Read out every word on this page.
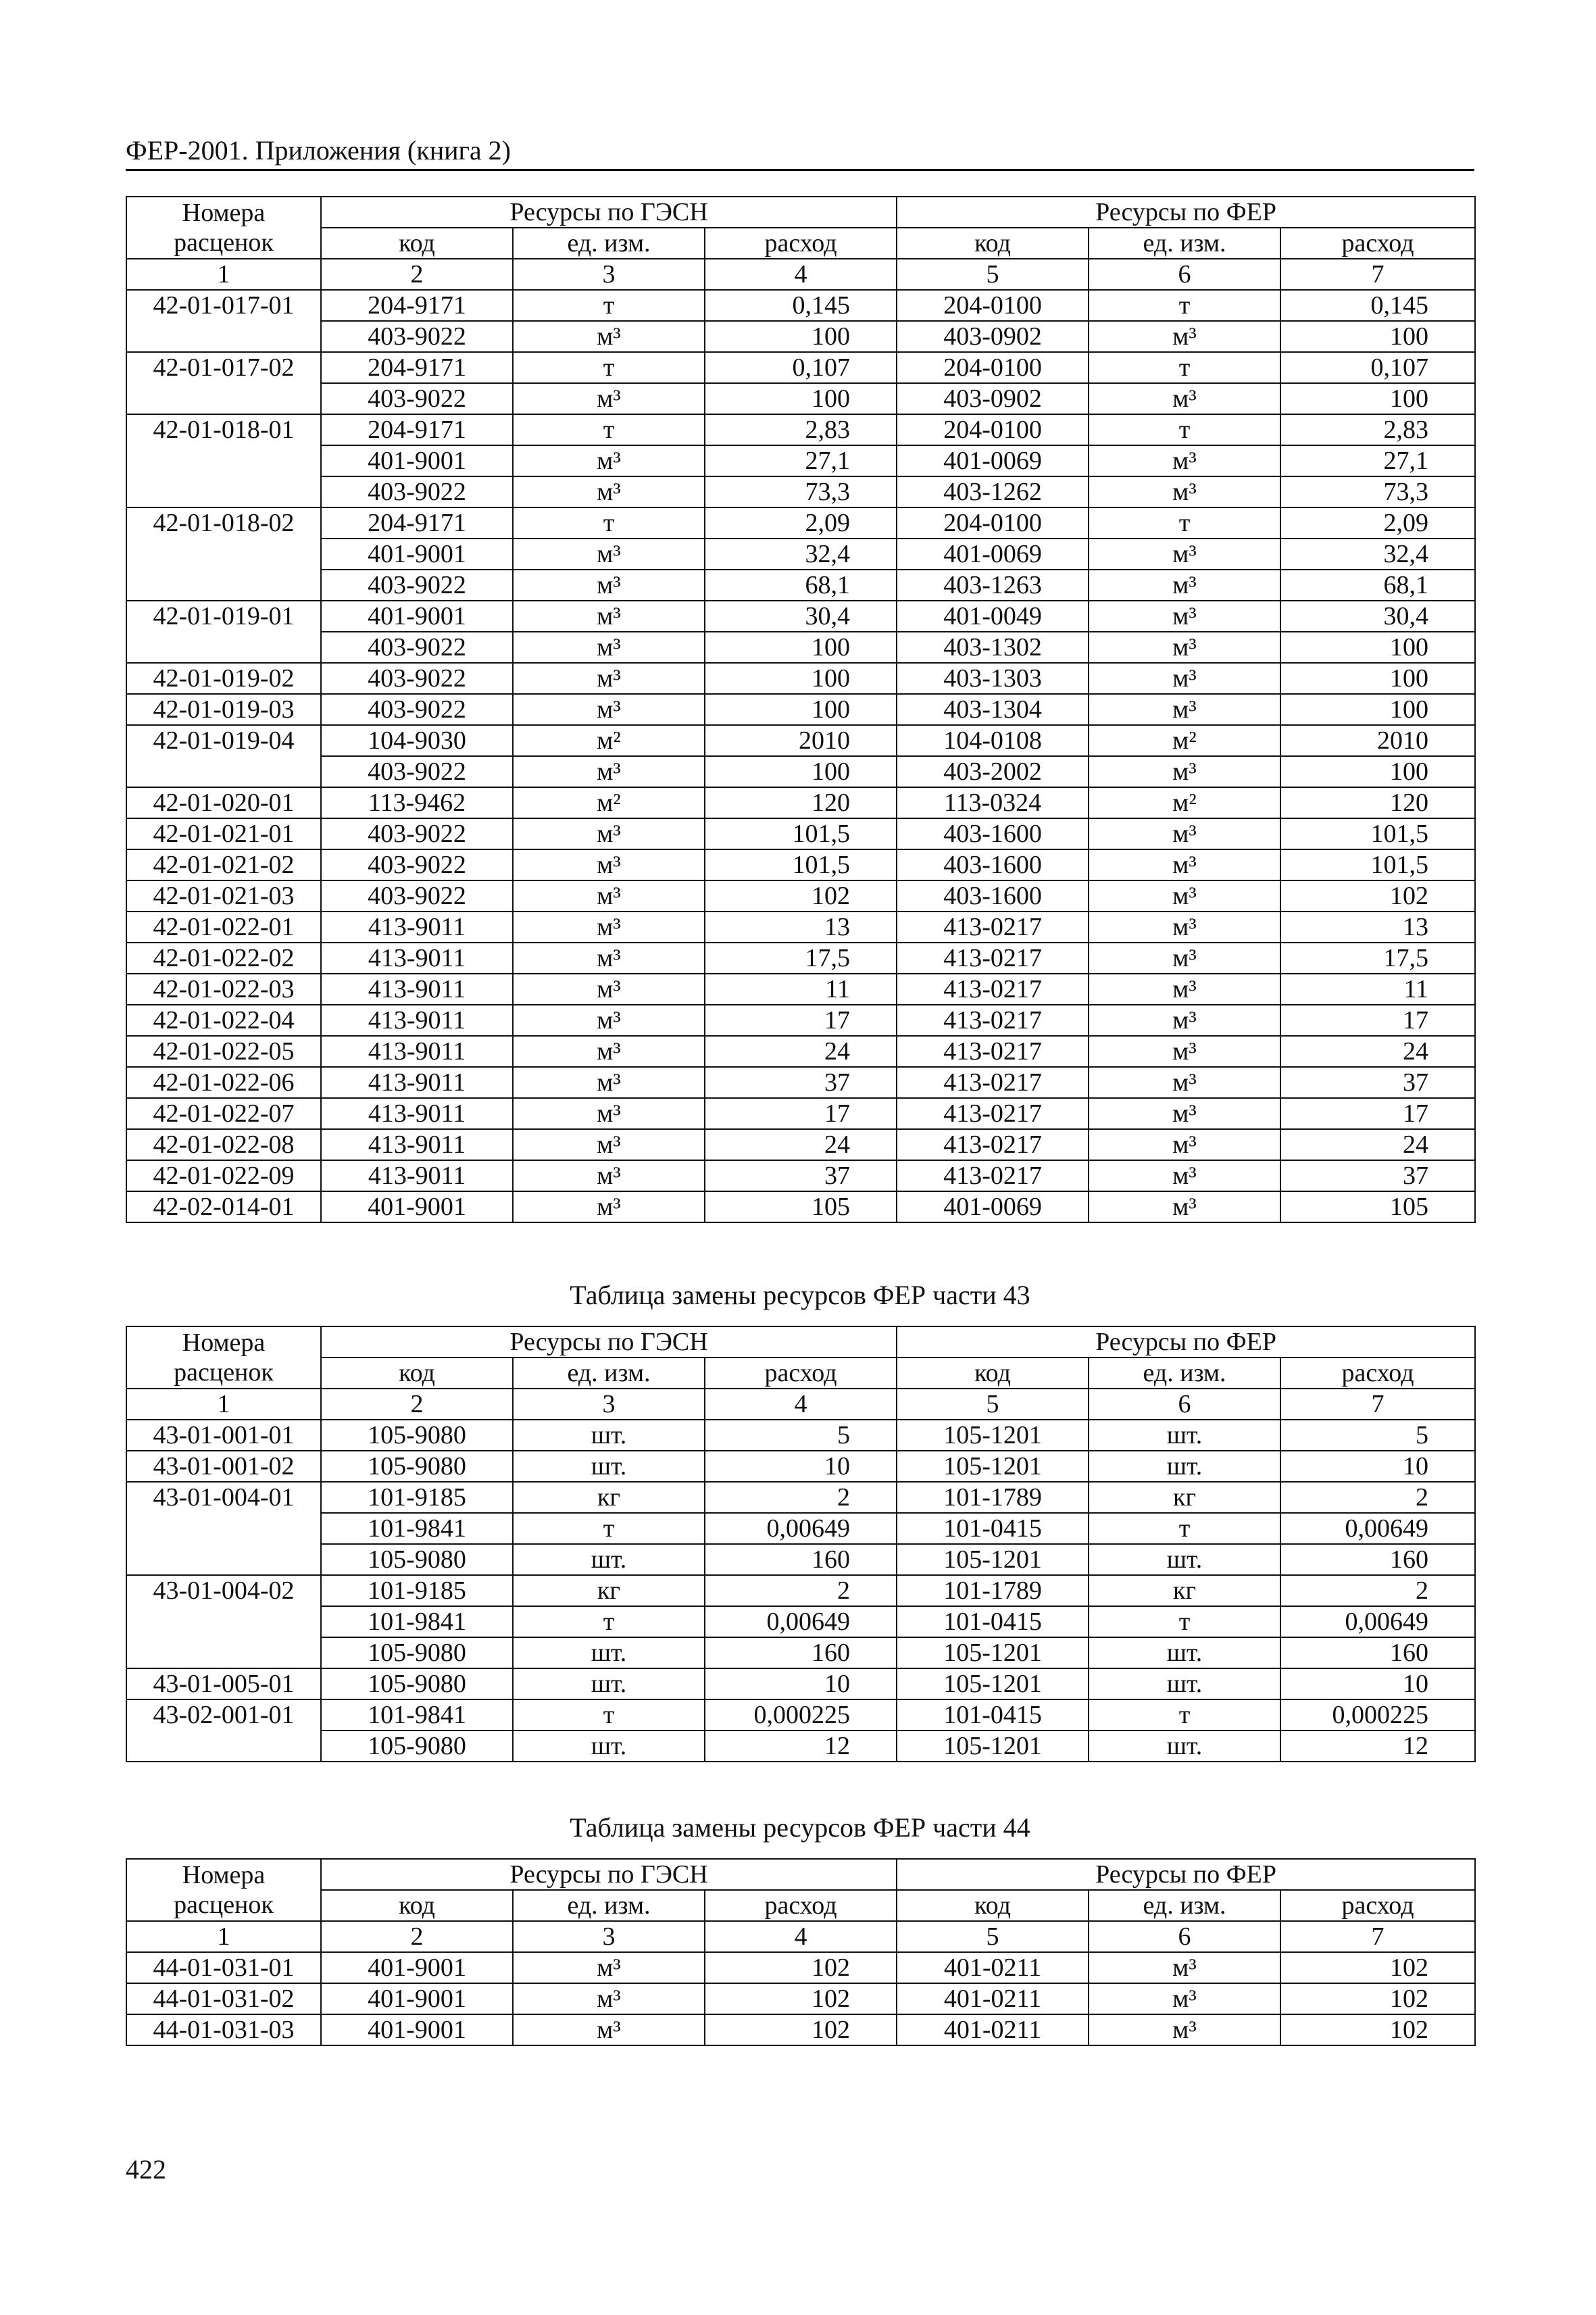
ФЕР-2001. Приложения (книга 2)
Номера расценок	Ресурсы по ГЭСН			Ресурсы по ФЕР		
	код	ед. изм.	расход	код	ед. изм.	расход
1	2	3	4	5	6	7
42-01-017-01	204-9171	т	0,145	204-0100	т	0,145
	403-9022	м³	100	403-0902	м³	100
42-01-017-02	204-9171	т	0,107	204-0100	т	0,107
	403-9022	м³	100	403-0902	м³	100
42-01-018-01	204-9171	т	2,83	204-0100	т	2,83
	401-9001	м³	27,1	401-0069	м³	27,1
	403-9022	м³	73,3	403-1262	м³	73,3
42-01-018-02	204-9171	т	2,09	204-0100	т	2,09
	401-9001	м³	32,4	401-0069	м³	32,4
	403-9022	м³	68,1	403-1263	м³	68,1
42-01-019-01	401-9001	м³	30,4	401-0049	м³	30,4
	403-9022	м³	100	403-1302	м³	100
42-01-019-02	403-9022	м³	100	403-1303	м³	100
42-01-019-03	403-9022	м³	100	403-1304	м³	100
42-01-019-04	104-9030	м²	2010	104-0108	м²	2010
	403-9022	м³	100	403-2002	м³	100
42-01-020-01	113-9462	м²	120	113-0324	м²	120
42-01-021-01	403-9022	м³	101,5	403-1600	м³	101,5
42-01-021-02	403-9022	м³	101,5	403-1600	м³	101,5
42-01-021-03	403-9022	м³	102	403-1600	м³	102
42-01-022-01	413-9011	м³	13	413-0217	м³	13
42-01-022-02	413-9011	м³	17,5	413-0217	м³	17,5
42-01-022-03	413-9011	м³	11	413-0217	м³	11
42-01-022-04	413-9011	м³	17	413-0217	м³	17
42-01-022-05	413-9011	м³	24	413-0217	м³	24
42-01-022-06	413-9011	м³	37	413-0217	м³	37
42-01-022-07	413-9011	м³	17	413-0217	м³	17
42-01-022-08	413-9011	м³	24	413-0217	м³	24
42-01-022-09	413-9011	м³	37	413-0217	м³	37
42-02-014-01	401-9001	м³	105	401-0069	м³	105
Таблица замены ресурсов ФЕР части 43
Номера расценок	Ресурсы по ГЭСН			Ресурсы по ФЕР		
	код	ед. изм.	расход	код	ед. изм.	расход
1	2	3	4	5	6	7
43-01-001-01	105-9080	шт.	5	105-1201	шт.	5
43-01-001-02	105-9080	шт.	10	105-1201	шт.	10
43-01-004-01	101-9185	кг	2	101-1789	кг	2
	101-9841	т	0,00649	101-0415	т	0,00649
	105-9080	шт.	160	105-1201	шт.	160
43-01-004-02	101-9185	кг	2	101-1789	кг	2
	101-9841	т	0,00649	101-0415	т	0,00649
	105-9080	шт.	160	105-1201	шт.	160
43-01-005-01	105-9080	шт.	10	105-1201	шт.	10
43-02-001-01	101-9841	т	0,000225	101-0415	т	0,000225
	105-9080	шт.	12	105-1201	шт.	12
Таблица замены ресурсов ФЕР части 44
Номера расценок	Ресурсы по ГЭСН			Ресурсы по ФЕР		
	код	ед. изм.	расход	код	ед. изм.	расход
1	2	3	4	5	6	7
44-01-031-01	401-9001	м³	102	401-0211	м³	102
44-01-031-02	401-9001	м³	102	401-0211	м³	102
44-01-031-03	401-9001	м³	102	401-0211	м³	102
422
